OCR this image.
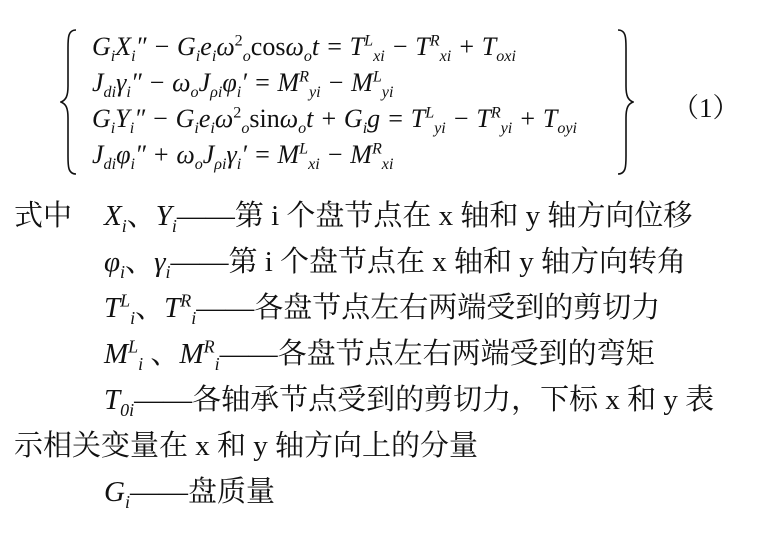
$G_iX_i'' - G_ie_i\omega^2_o\cos\omega_ot = T^L_{xi} - T^R_{xi} + T_{oxi}$
$J_{di}\gamma_i'' - \omega_oJ_{\rho i}\varphi_i' = M^R_{yi} - M^L_{yi}$
$G_iY_i'' - G_ie_i\omega^2_o\sin\omega_ot + G_ig = T^L_{yi} - T^R_{yi} + T_{oyi}$
$J_{di}\varphi_i'' + \omega_oJ_{\rho i}\gamma_i' = M^L_{xi} - M^R_{xi}$
（1）
式中 $X_i$、$Y_i——$第 i 个盘节点在 x 轴和 y 轴方向位移
$\varphi_i$、$\gamma_i——$第 i 个盘节点在 x 轴和 y 轴方向转角
$T^L_i$、$T^R_i——$各盘节点左右两端受到的剪切力
$M^L_i$ 、$M^R_i——$各盘节点左右两端受到的弯矩
$T_{0i}——$各轴承节点受到的剪切力，下标 x 和 y 表
示相关变量在 x 和 y 轴方向上的分量
$G_i——$盘质量
